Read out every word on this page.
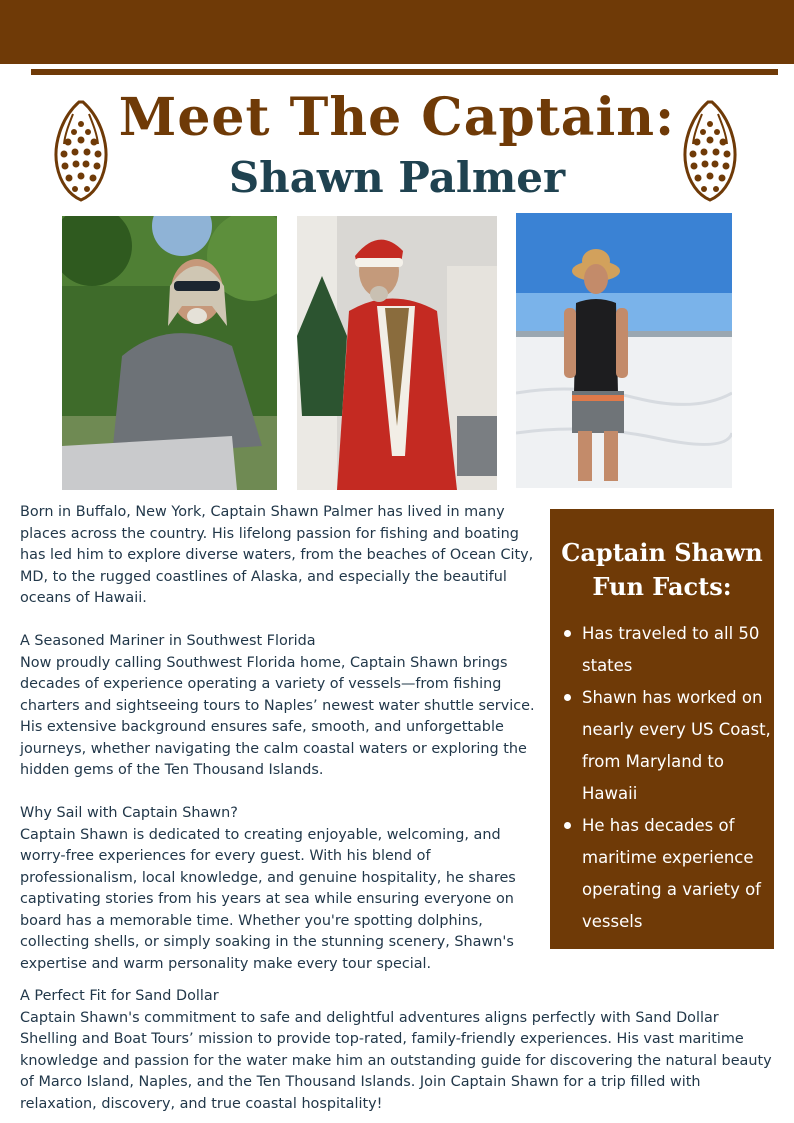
Meet The Captain:
Shawn Palmer

Born in Buffalo, New York, Captain Shawn Palmer has lived in many places across the country. His lifelong passion for fishing and boating has led him to explore diverse waters, from the beaches of Ocean City, MD, to the rugged coastlines of Alaska, and especially the beautiful oceans of Hawaii.

A Seasoned Mariner in Southwest Florida
Now proudly calling Southwest Florida home, Captain Shawn brings decades of experience operating a variety of vessels—from fishing charters and sightseeing tours to Naples’ newest water shuttle service. His extensive background ensures safe, smooth, and unforgettable journeys, whether navigating the calm coastal waters or exploring the hidden gems of the Ten Thousand Islands.

Why Sail with Captain Shawn?
Captain Shawn is dedicated to creating enjoyable, welcoming, and worry-free experiences for every guest. With his blend of professionalism, local knowledge, and genuine hospitality, he shares captivating stories from his years at sea while ensuring everyone on board has a memorable time. Whether you're spotting dolphins, collecting shells, or simply soaking in the stunning scenery, Shawn's expertise and warm personality make every tour special.

A Perfect Fit for Sand Dollar
Captain Shawn's commitment to safe and delightful adventures aligns perfectly with Sand Dollar Shelling and Boat Tours’ mission to provide top-rated, family-friendly experiences. His vast maritime knowledge and passion for the water make him an outstanding guide for discovering the natural beauty of Marco Island, Naples, and the Ten Thousand Islands. Join Captain Shawn for a trip filled with relaxation, discovery, and true coastal hospitality!

Captain Shawn Fun Facts:
Has traveled to all 50 states
Shawn has worked on nearly every US Coast, from Maryland to Hawaii
He has decades of maritime experience operating a variety of vessels
